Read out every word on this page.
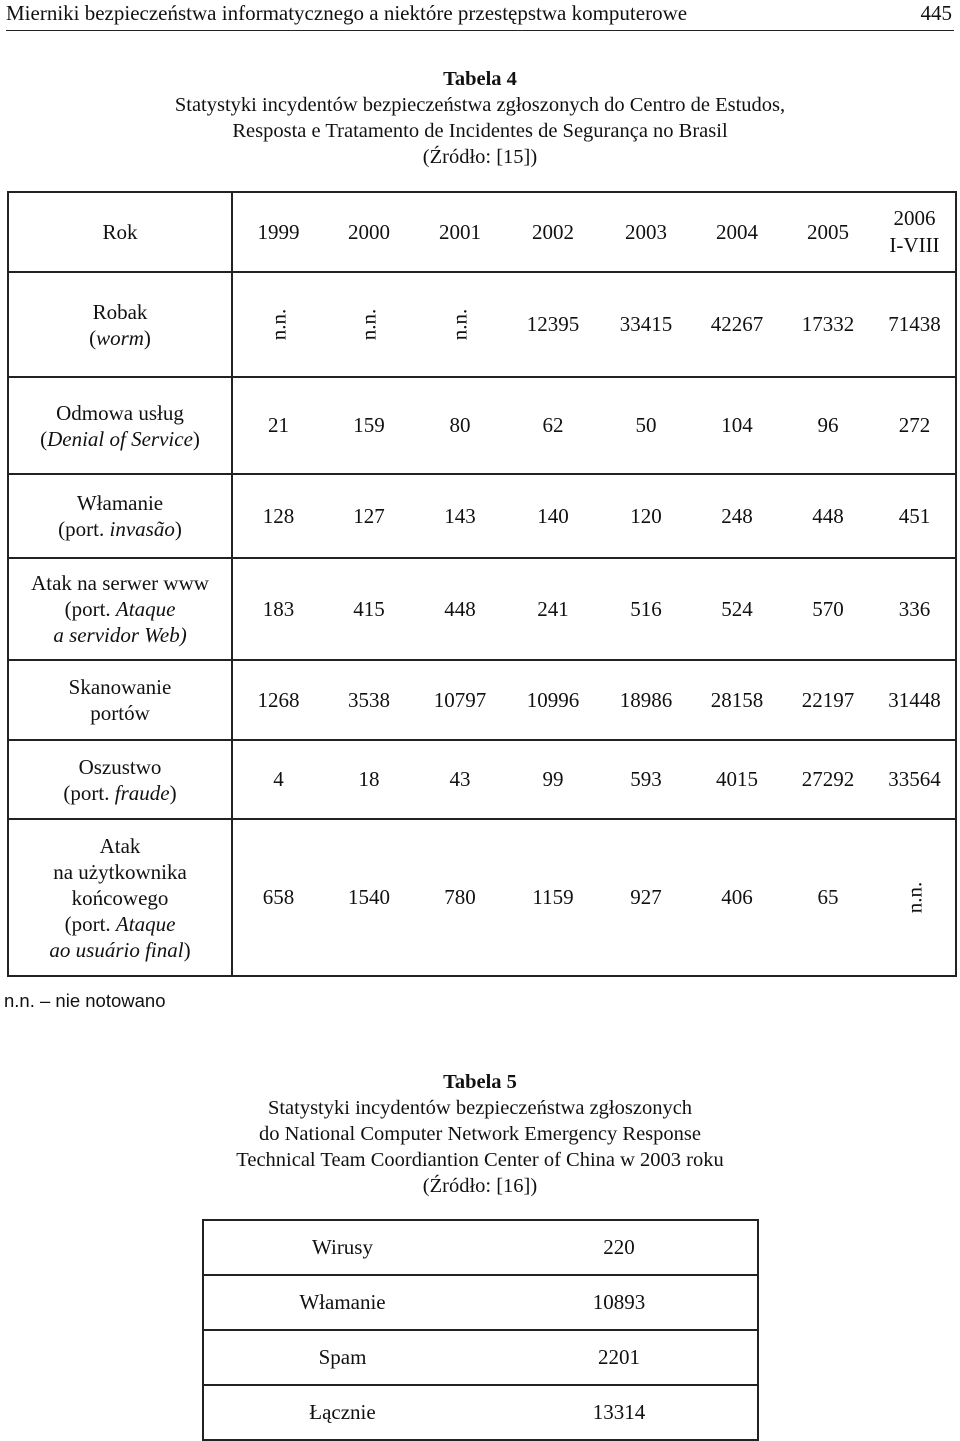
Mierniki bezpieczeństwa informatycznego a niektóre przestępstwa komputerowe	445
Tabela 4
Statystyki incydentów bezpieczeństwa zgłoszonych do Centro de Estudos,
Resposta e Tratamento de Incidentes de Segurança no Brasil
(Źródło: [15])
Rok	1999	2000	2001	2002	2003	2004	2005	2006
I-VIII

Robak
(worm)	n.n.	n.n.	n.n.	12395	33415	42267	17332	71438

Odmowa usług
(Denial of Service)	21	159	80	62	50	104	96	272

Włamanie
(port. invasão)	128	127	143	140	120	248	448	451

Atak na serwer www
(port. Ataque
a servidor Web)	183	415	448	241	516	524	570	336

Skanowanie
portów	1268	3538	10797	10996	18986	28158	22197	31448

Oszustwo
(port. fraude)	4	18	43	99	593	4015	27292	33564

Atak
na użytkownika
końcowego
(port. Ataque
ao usuário final)	658	1540	780	1159	927	406	65	n.n.
n.n. – nie notowano
Tabela 5
Statystyki incydentów bezpieczeństwa zgłoszonych
do National Computer Network Emergency Response
Technical Team Coordiantion Center of China w 2003 roku
(Źródło: [16])
Wirusy	220
Włamanie	10893
Spam	2201
Łącznie	13314
